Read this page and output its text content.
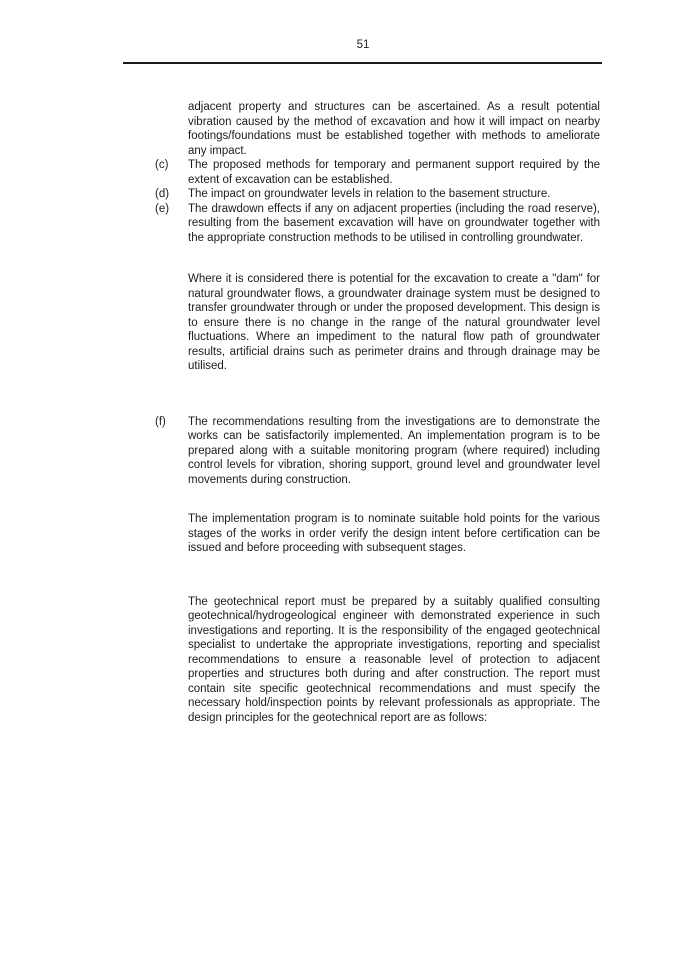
51

adjacent property and structures can be ascertained. As a result potential vibration caused by the method of excavation and how it will impact on nearby footings/foundations must be established together with methods to ameliorate any impact.

(c)	The proposed methods for temporary and permanent support required by the extent of excavation can be established.
(d)	The impact on groundwater levels in relation to the basement structure.
(e)	The drawdown effects if any on adjacent properties (including the road reserve), resulting from the basement excavation will have on groundwater together with the appropriate construction methods to be utilised in controlling groundwater.

Where it is considered there is potential for the excavation to create a "dam" for natural groundwater flows, a groundwater drainage system must be designed to transfer groundwater through or under the proposed development. This design is to ensure there is no change in the range of the natural groundwater level fluctuations. Where an impediment to the natural flow path of groundwater results, artificial drains such as perimeter drains and through drainage may be utilised.

(f)	The recommendations resulting from the investigations are to demonstrate the works can be satisfactorily implemented. An implementation program is to be prepared along with a suitable monitoring program (where required) including control levels for vibration, shoring support, ground level and groundwater level movements during construction.

The implementation program is to nominate suitable hold points for the various stages of the works in order verify the design intent before certification can be issued and before proceeding with subsequent stages.

The geotechnical report must be prepared by a suitably qualified consulting geotechnical/hydrogeological engineer with demonstrated experience in such investigations and reporting. It is the responsibility of the engaged geotechnical specialist to undertake the appropriate investigations, reporting and specialist recommendations to ensure a reasonable level of protection to adjacent properties and structures both during and after construction. The report must contain site specific geotechnical recommendations and must specify the necessary hold/inspection points by relevant professionals as appropriate. The design principles for the geotechnical report are as follows:
